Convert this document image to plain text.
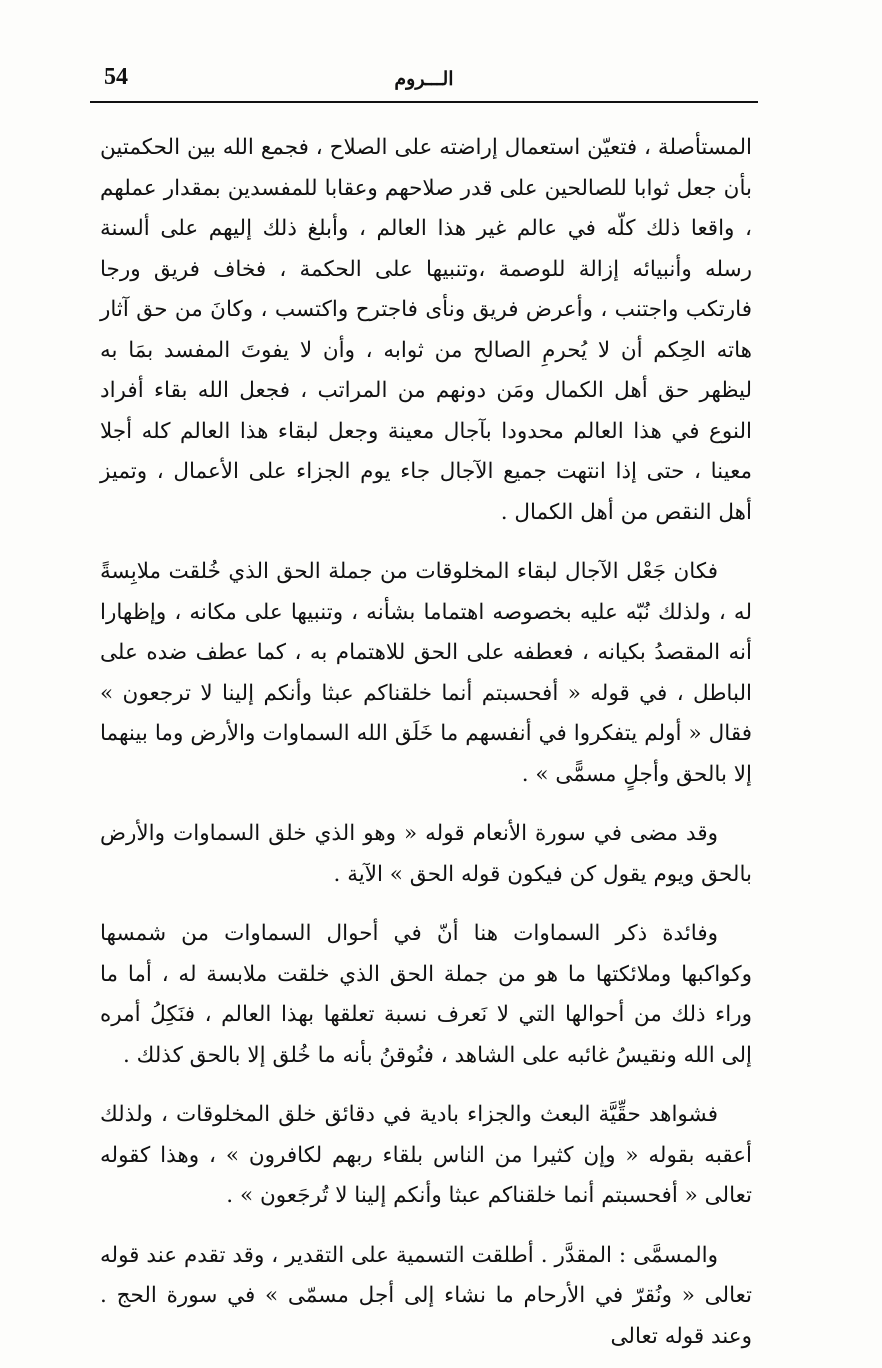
54	الـــروم

المستأصلة ، فتعيّن استعمال إراضته على الصلاح ، فجمع الله بين الحكمتين بأن جعل ثوابا للصالحين على قدر صلاحهم وعقابا للمفسدين بمقدار عملهم ، واقعا ذلك كلّه في عالم غير هذا العالم ، وأبلغ ذلك إليهم على ألسنة رسله وأنبيائه إزالة للوصمة ،وتنبيها على الحكمة ، فخاف فريق ورجا فارتكب واجتنب ، وأعرض فريق ونأى فاجترح واكتسب ، وكانَ من حق آثار هاته الحِكم أن لا يُحرمِ الصالح من ثوابه ، وأن لا يفوتَ المفسد بمَا به ليظهر حق أهل الكمال ومَن دونهم من المراتب ، فجعل الله بقاء أفراد النوع في هذا العالم محدودا بآجال معينة وجعل لبقاء هذا العالم كله أجلا معينا ، حتى إذا انتهت جميع الآجال جاء يوم الجزاء على الأعمال ، وتميز أهل النقص من أهل الكمال .

فكان جَعْل الآجال لبقاء المخلوقات من جملة الحق الذي خُلقت ملابِسةً له ، ولذلك نُبّه عليه بخصوصه اهتماما بشأنه ، وتنبيها على مكانه ، وإظهارا أنه المقصدُ بكيانه ، فعطفه على الحق للاهتمام به ، كما عطف ضده على الباطل ، في قوله « أفحسبتم أنما خلقناكم عبثا وأنكم إلينا لا ترجعون » فقال « أولم يتفكروا في أنفسهم ما خَلَق الله السماوات والأرض وما بينهما إلا بالحق وأجلٍ مسمًّى » .

وقد مضى في سورة الأنعام قوله « وهو الذي خلق السماوات والأرض بالحق ويوم يقول كن فيكون قوله الحق » الآية .

وفائدة ذكر السماوات هنا أنّ في أحوال السماوات من شمسها وكواكبها وملائكتها ما هو من جملة الحق الذي خلقت ملابسة له ، أما ما وراء ذلك من أحوالها التي لا نَعرف نسبة تعلقها بهذا العالم ، فنَكِلُ أمره إلى الله ونقيسُ غائبه على الشاهد ، فنُوقنُ بأنه ما خُلق إلا بالحق كذلك .

فشواهد حقِّيَّة البعث والجزاء بادية في دقائق خلق المخلوقات ، ولذلك أعقبه بقوله « وإن كثيرا من الناس بلقاء ربهم لكافرون » ، وهذا كقوله تعالى « أفحسبتم أنما خلقناكم عبثا وأنكم إلينا لا تُرجَعون » .

والمسمَّى : المقدَّر . أطلقت التسمية على التقدير ، وقد تقدم عند قوله تعالى « ونُقرّ في الأرحام ما نشاء إلى أجل مسمّى » في سورة الحج . وعند قوله تعالى
